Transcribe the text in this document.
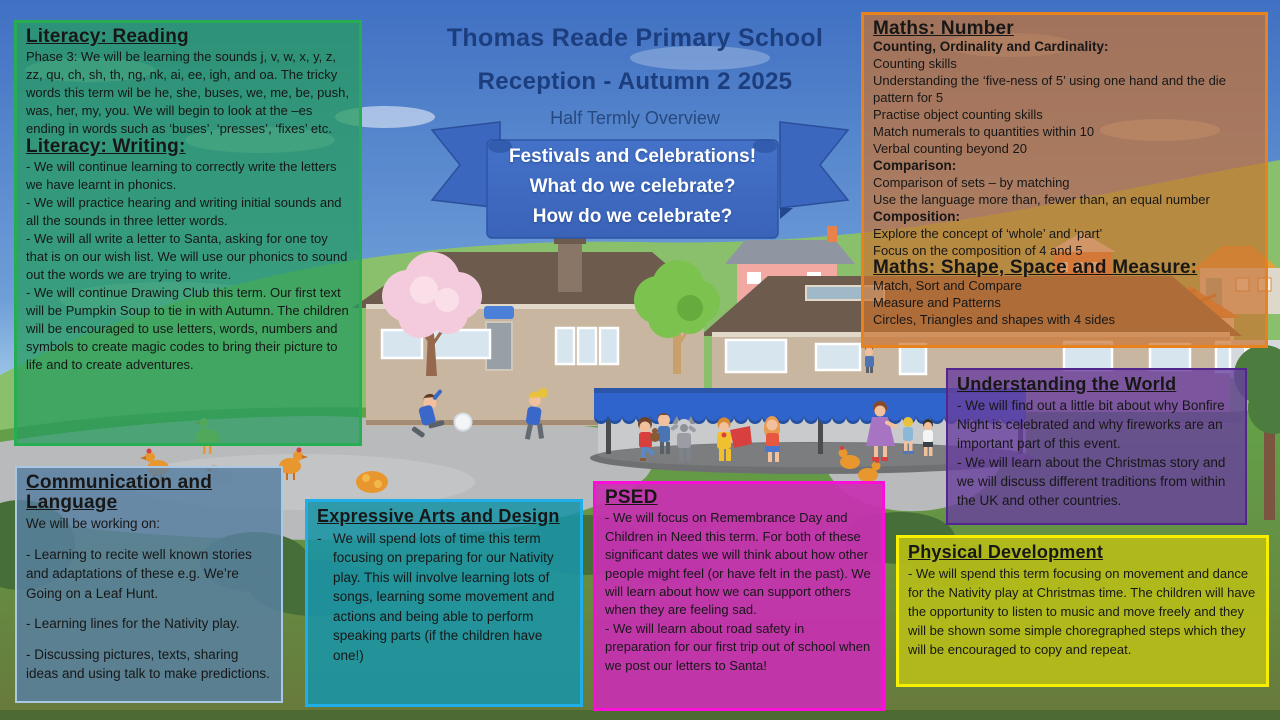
Thomas Reade Primary School
Reception - Autumn 2 2025
Half Termly Overview
Festivals and Celebrations!
What do we celebrate?
How do we celebrate?
Literacy: Reading

Phase 3: We will be learning the sounds j, v, w, x, y, z, zz, qu, ch, sh, th, ng, nk, ai, ee, igh, and oa. The tricky words this term wil be he, she, buses, we, me, be, push, was, her, my, you. We will begin to look at the –es ending in words such as ‘buses’, ‘presses’, ‘fixes’ etc.

Literacy: Writing:

- We will continue learning to correctly write the letters we have learnt in phonics.

- We will practice hearing and writing initial sounds and all the sounds in three letter words.

- We will all write a letter to Santa, asking for one toy that is on our wish list. We will use our phonics to sound out the words we are trying to write.

- We will continue Drawing Club this term. Our first text will be Pumpkin Soup to tie in with Autumn. The children will be encouraged to use letters, words, numbers and symbols to create magic codes to bring their picture to life and to create adventures.

Maths: Number

Counting, Ordinality and Cardinality:

Counting skills

Understanding the ‘five-ness of 5’ using one hand and the die pattern for 5

Practise object counting skills

Match numerals to quantities within 10

Verbal counting beyond 20

Comparison:

Comparison of sets – by matching

Use the language more than, fewer than, an equal number

Composition:

Explore the concept of ‘whole’ and ‘part’

Focus on the composition of 4 and 5

Maths: Shape, Space and Measure:

Match, Sort and Compare

Measure and Patterns

Circles, Triangles and shapes with 4 sides

Understanding the World

- We will find out a little bit about why Bonfire Night is celebrated and why fireworks are an important part of this event.

- We will learn about the Christmas story and we will discuss different traditions from within the UK and other countries.

Communication and Language

We will be working on:

- Learning to recite well known stories and adaptations of these e.g. We’re Going on a Leaf Hunt.

- Learning lines for the Nativity play.

- Discussing pictures, texts, sharing ideas and using talk to make predictions.

Expressive Arts and Design
- We will spend lots of time this term focusing on preparing for our Nativity play. This will involve learning lots of songs, learning some movement and actions and being able to perform speaking parts (if the children have one!)

PSED

- We will focus on Remembrance Day and Children in Need this term. For both of these significant dates we will think about how other people might feel (or have felt in the past). We will learn about how we can support others when they are feeling sad.

- We will learn about road safety in preparation for our first trip out of school when we post our letters to Santa!

Physical Development

- We will spend this term focusing on movement and dance for the Nativity play at Christmas time. The children will have the opportunity to listen to music and move freely and they will be shown some simple choregraphed steps which they will be encouraged to copy and repeat.
